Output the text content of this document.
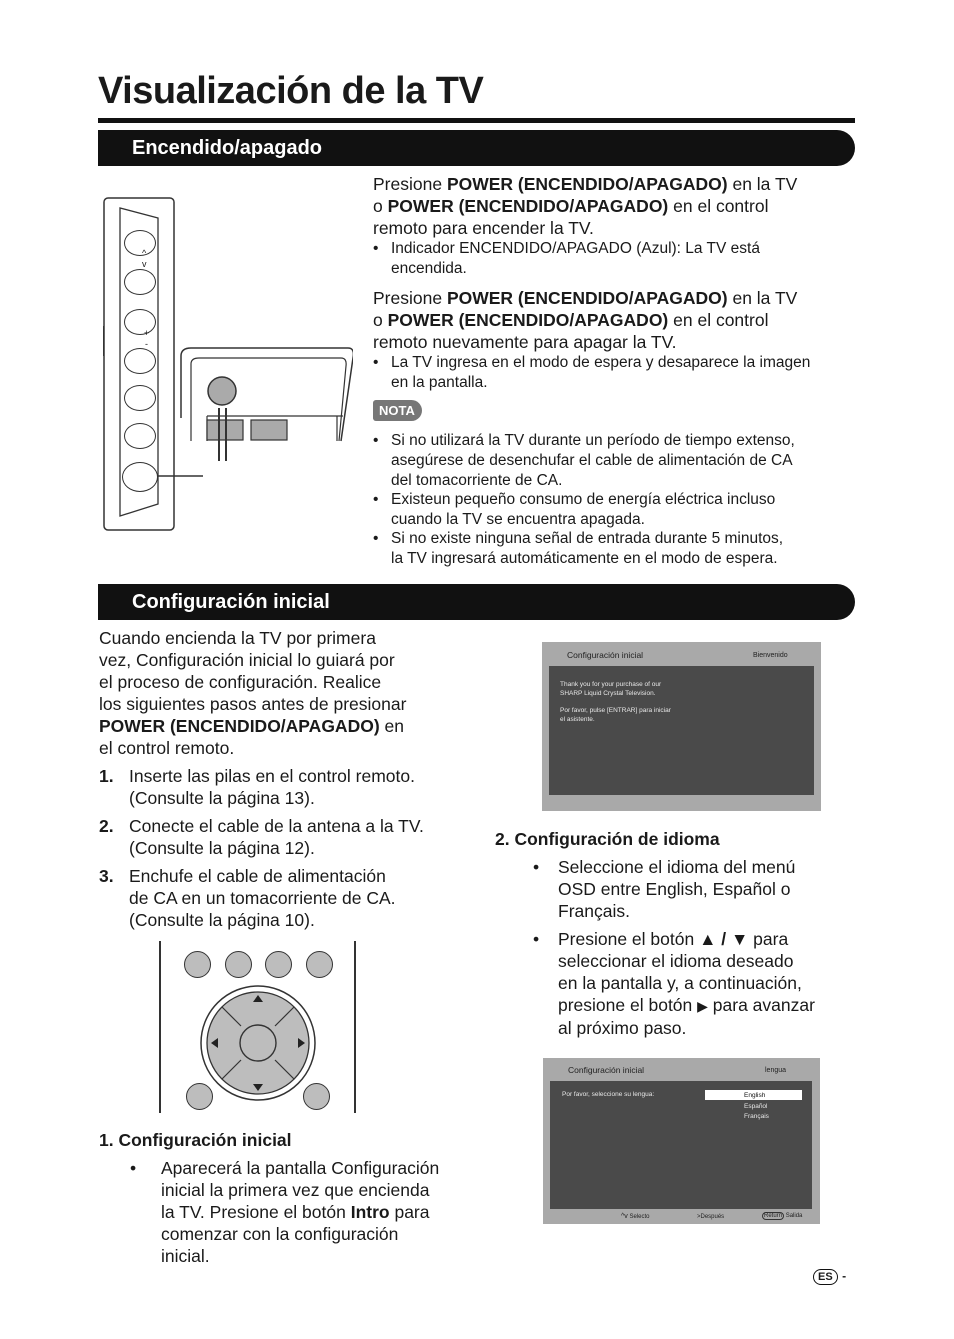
Visualización de la TV
Encendido/apagado
^
v
+
-
Presione POWER (ENCENDIDO/APAGADO) en la TV
o POWER (ENCENDIDO/APAGADO) en el control
remoto para encender la TV.
• Indicador ENCENDIDO/APAGADO (Azul): La TV está
encendida.
Presione POWER (ENCENDIDO/APAGADO) en la TV
o POWER (ENCENDIDO/APAGADO) en el control
remoto nuevamente para apagar la TV.
• La TV ingresa en el modo de espera y desaparece la imagen
en la pantalla.
NOTA
• Si no utilizará la TV durante un período de tiempo extenso,
asegúrese de desenchufar el cable de alimentación de CA
del tomacorriente de CA.
• Existeun pequeño consumo de energía eléctrica incluso
cuando la TV se encuentra apagada.
• Si no existe ninguna señal de entrada durante 5 minutos,
la TV ingresará automáticamente en el modo de espera.
Configuración inicial
Cuando encienda la TV por primera
vez, Configuración inicial lo guiará por
el proceso de configuración. Realice
los siguientes pasos antes de presionar
POWER (ENCENDIDO/APAGADO) en
el control remoto.
1. Inserte las pilas en el control remoto.
(Consulte la página 13).
2. Conecte el cable de la antena a la TV.
(Consulte la página 12).
3. Enchufe el cable de alimentación
de CA en un tomacorriente de CA.
(Consulte la página 10).
1. Configuración inicial
•	Aparecerá la pantalla Configuración
inicial la primera vez que encienda
la TV. Presione el botón Intro para
comenzar con la configuración
inicial.
Configuración inicial	Bienvenido
Thank you for your purchase of our
SHARP Liquid Crystal Television.
Por favor, pulse [ENTRAR] para iniciar
el asistente.
2. Configuración de idioma
•	Seleccione el idioma del menú
OSD entre English, Español o
Français.
•	Presione el botón ▲ / ▼ para
seleccionar el idioma deseado
en la pantalla y, a continuación,
presione el botón ▶ para avanzar
al próximo paso.
Configuración inicial	lengua
Por favor, seleccione su lengua:	English
Español
Français
^v Selecto	>Después	Return Salida
ES -
